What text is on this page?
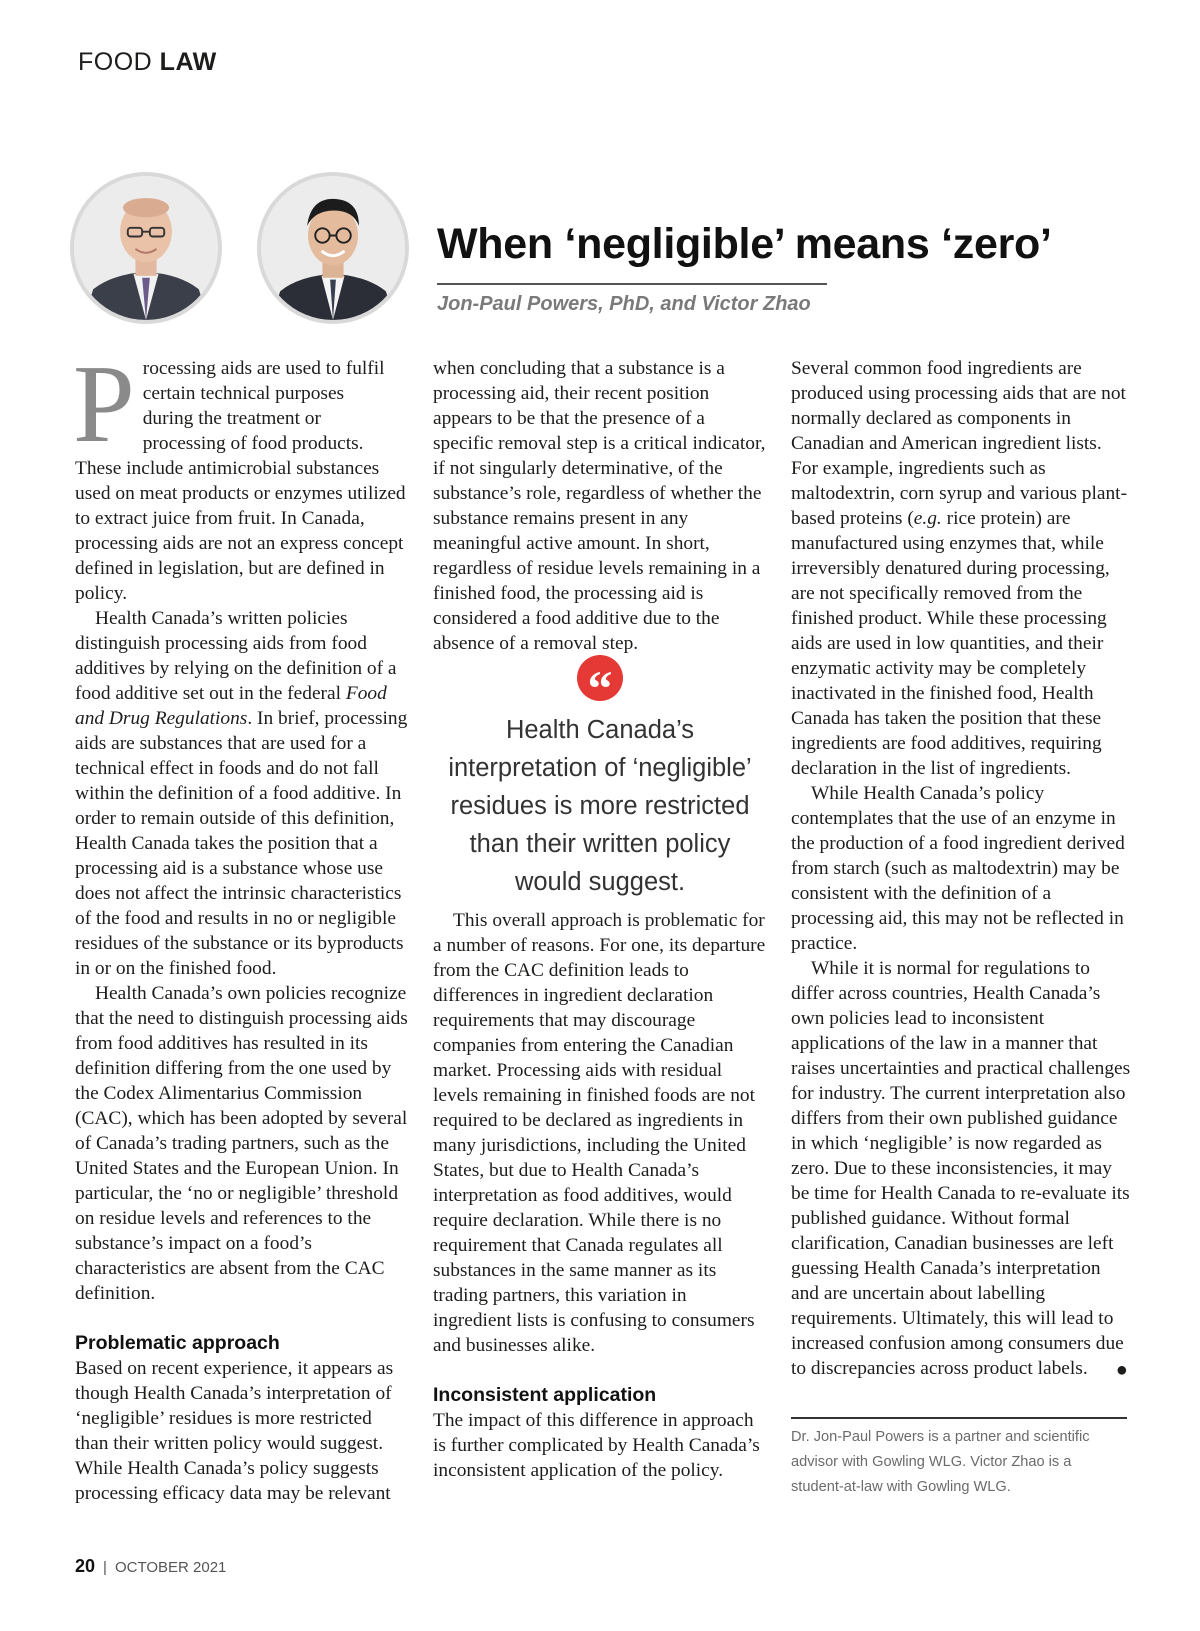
FOOD LAW
When ‘negligible’ means ‘zero’
Jon-Paul Powers, PhD, and Victor Zhao

P rocessing aids are used to fulfil
certain technical purposes
during the treatment or
processing of food products.
These include antimicrobial substances used on meat products or enzymes utilized to extract juice from fruit. In Canada, processing aids are not an express concept defined in legislation, but are defined in policy.

Health Canada’s written policies distinguish processing aids from food additives by relying on the definition of a food additive set out in the federal Food and Drug Regulations. In brief, processing aids are substances that are used for a technical effect in foods and do not fall within the definition of a food additive. In order to remain outside of this definition, Health Canada takes the position that a processing aid is a substance whose use does not affect the intrinsic characteristics of the food and results in no or negligible residues of the substance or its byproducts in or on the finished food.

Health Canada’s own policies recognize that the need to distinguish processing aids from food additives has resulted in its definition differing from the one used by the Codex Alimentarius Commission (CAC), which has been adopted by several of Canada’s trading partners, such as the United States and the European Union. In particular, the ‘no or negligible’ threshold on residue levels and references to the substance’s impact on a food’s characteristics are absent from the CAC definition.

Problematic approach

Based on recent experience, it appears as though Health Canada’s interpretation of ‘negligible’ residues is more restricted than their written policy would suggest. While Health Canada’s policy suggests processing efficacy data may be relevant

when concluding that a substance is a processing aid, their recent position appears to be that the presence of a specific removal step is a critical indicator, if not singularly determinative, of the substance’s role, regardless of whether the substance remains present in any meaningful active amount. In short, regardless of residue levels remaining in a finished food, the processing aid is considered a food additive due to the absence of a removal step.

“
Health Canada’s
interpretation of ‘negligible’
residues is more restricted
than their written policy
would suggest.

This overall approach is problematic for a number of reasons. For one, its departure from the CAC definition leads to differences in ingredient declaration requirements that may discourage companies from entering the Canadian market. Processing aids with residual levels remaining in finished foods are not required to be declared as ingredients in many jurisdictions, including the United States, but due to Health Canada’s interpretation as food additives, would require declaration. While there is no requirement that Canada regulates all substances in the same manner as its trading partners, this variation in ingredient lists is confusing to consumers and businesses alike.

Inconsistent application

The impact of this difference in approach is further complicated by Health Canada’s inconsistent application of the policy.

Several common food ingredients are produced using processing aids that are not normally declared as components in Canadian and American ingredient lists. For example, ingredients such as maltodextrin, corn syrup and various plant-based proteins (e.g. rice protein) are manufactured using enzymes that, while irreversibly denatured during processing, are not specifically removed from the finished product. While these processing aids are used in low quantities, and their enzymatic activity may be completely inactivated in the finished food, Health Canada has taken the position that these ingredients are food additives, requiring declaration in the list of ingredients.

While Health Canada’s policy contemplates that the use of an enzyme in the production of a food ingredient derived from starch (such as maltodextrin) may be consistent with the definition of a processing aid, this may not be reflected in practice.

While it is normal for regulations to differ across countries, Health Canada’s own policies lead to inconsistent applications of the law in a manner that raises uncertainties and practical challenges for industry. The current interpretation also differs from their own published guidance in which ‘negligible’ is now regarded as zero. Due to these inconsistencies, it may be time for Health Canada to re-evaluate its published guidance. Without formal clarification, Canadian businesses are left guessing Health Canada’s interpretation and are uncertain about labelling requirements. Ultimately, this will lead to increased confusion among consumers due to discrepancies across product labels. ●

Dr. Jon-Paul Powers is a partner and scientific
advisor with Gowling WLG. Victor Zhao is a
student-at-law with Gowling WLG.
20 | OCTOBER 2021
